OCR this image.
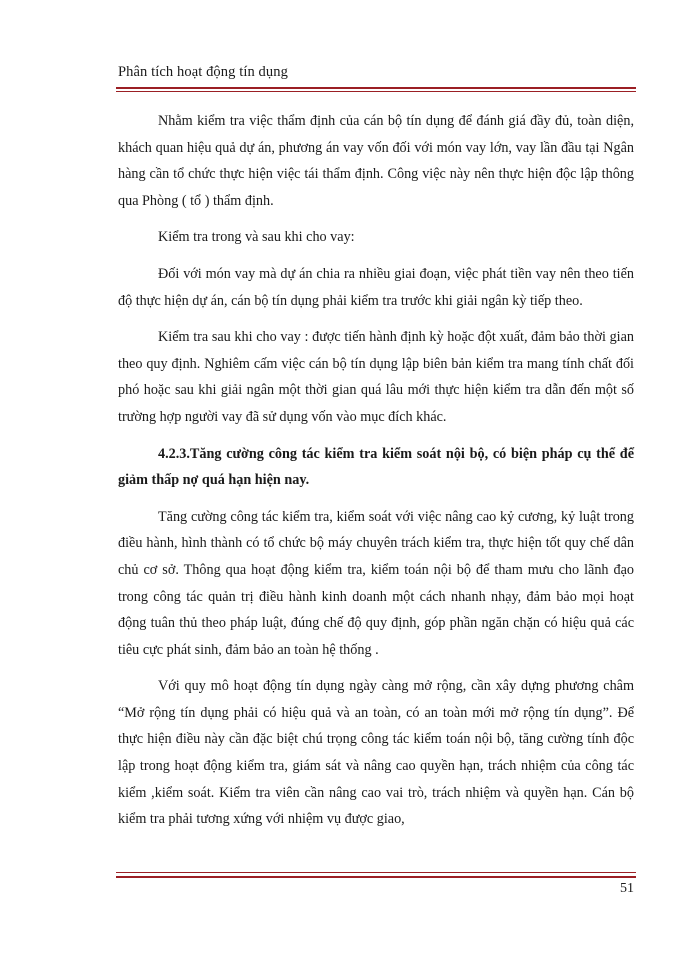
Phân tích hoạt động tín dụng

Nhằm kiểm tra việc thẩm định của cán bộ tín dụng để đánh giá đầy đủ, toàn diện, khách quan hiệu quả dự án, phương án vay vốn đối với món vay lớn, vay lần đầu tại Ngân hàng cần tổ chức thực hiện việc tái thẩm định. Công việc này nên thực hiện độc lập thông qua Phòng ( tổ ) thẩm định.

Kiểm tra trong và sau khi cho vay:

Đối với món vay mà dự án chia ra nhiều giai đoạn, việc phát tiền vay nên theo tiến độ thực hiện dự án, cán bộ tín dụng phải kiểm tra trước khi giải ngân kỳ tiếp theo.

Kiểm tra sau khi cho vay : được tiến hành định kỳ hoặc đột xuất, đảm bảo thời gian theo quy định. Nghiêm cấm việc cán bộ tín dụng lập biên bản kiểm tra mang tính chất đối phó hoặc sau khi giải ngân một thời gian quá lâu mới thực hiện kiểm tra dẫn đến một số trường hợp người vay đã sử dụng vốn vào mục đích khác.

4.2.3.Tăng cường công tác kiểm tra kiểm soát nội bộ, có biện pháp cụ thể để giảm thấp nợ quá hạn hiện nay.

Tăng cường công tác kiểm tra, kiểm soát với việc nâng cao kỷ cương, kỷ luật trong điều hành, hình thành có tổ chức bộ máy chuyên trách kiểm tra, thực hiện tốt quy chế dân chủ cơ sở. Thông qua hoạt động kiểm tra, kiểm toán nội bộ để tham mưu cho lãnh đạo trong công tác quản trị điều hành kinh doanh một cách nhanh nhạy, đảm bảo mọi hoạt động tuân thủ theo pháp luật, đúng chế độ quy định, góp phần ngăn chặn có hiệu quả các tiêu cực phát sinh, đảm bảo an toàn hệ thống .

Với quy mô hoạt động tín dụng ngày càng mở rộng, cần xây dựng phương châm “Mở rộng tín dụng phải có hiệu quả và an toàn, có an toàn mới mở rộng tín dụng”. Để thực hiện điều này cần đặc biệt chú trọng công tác kiểm toán nội bộ, tăng cường tính độc lập trong hoạt động kiểm tra, giám sát và nâng cao quyền hạn, trách nhiệm của công tác kiểm ,kiểm soát. Kiểm tra viên cần nâng cao vai trò, trách nhiệm và quyền hạn. Cán bộ kiểm tra phải tương xứng với nhiệm vụ được giao,

51
